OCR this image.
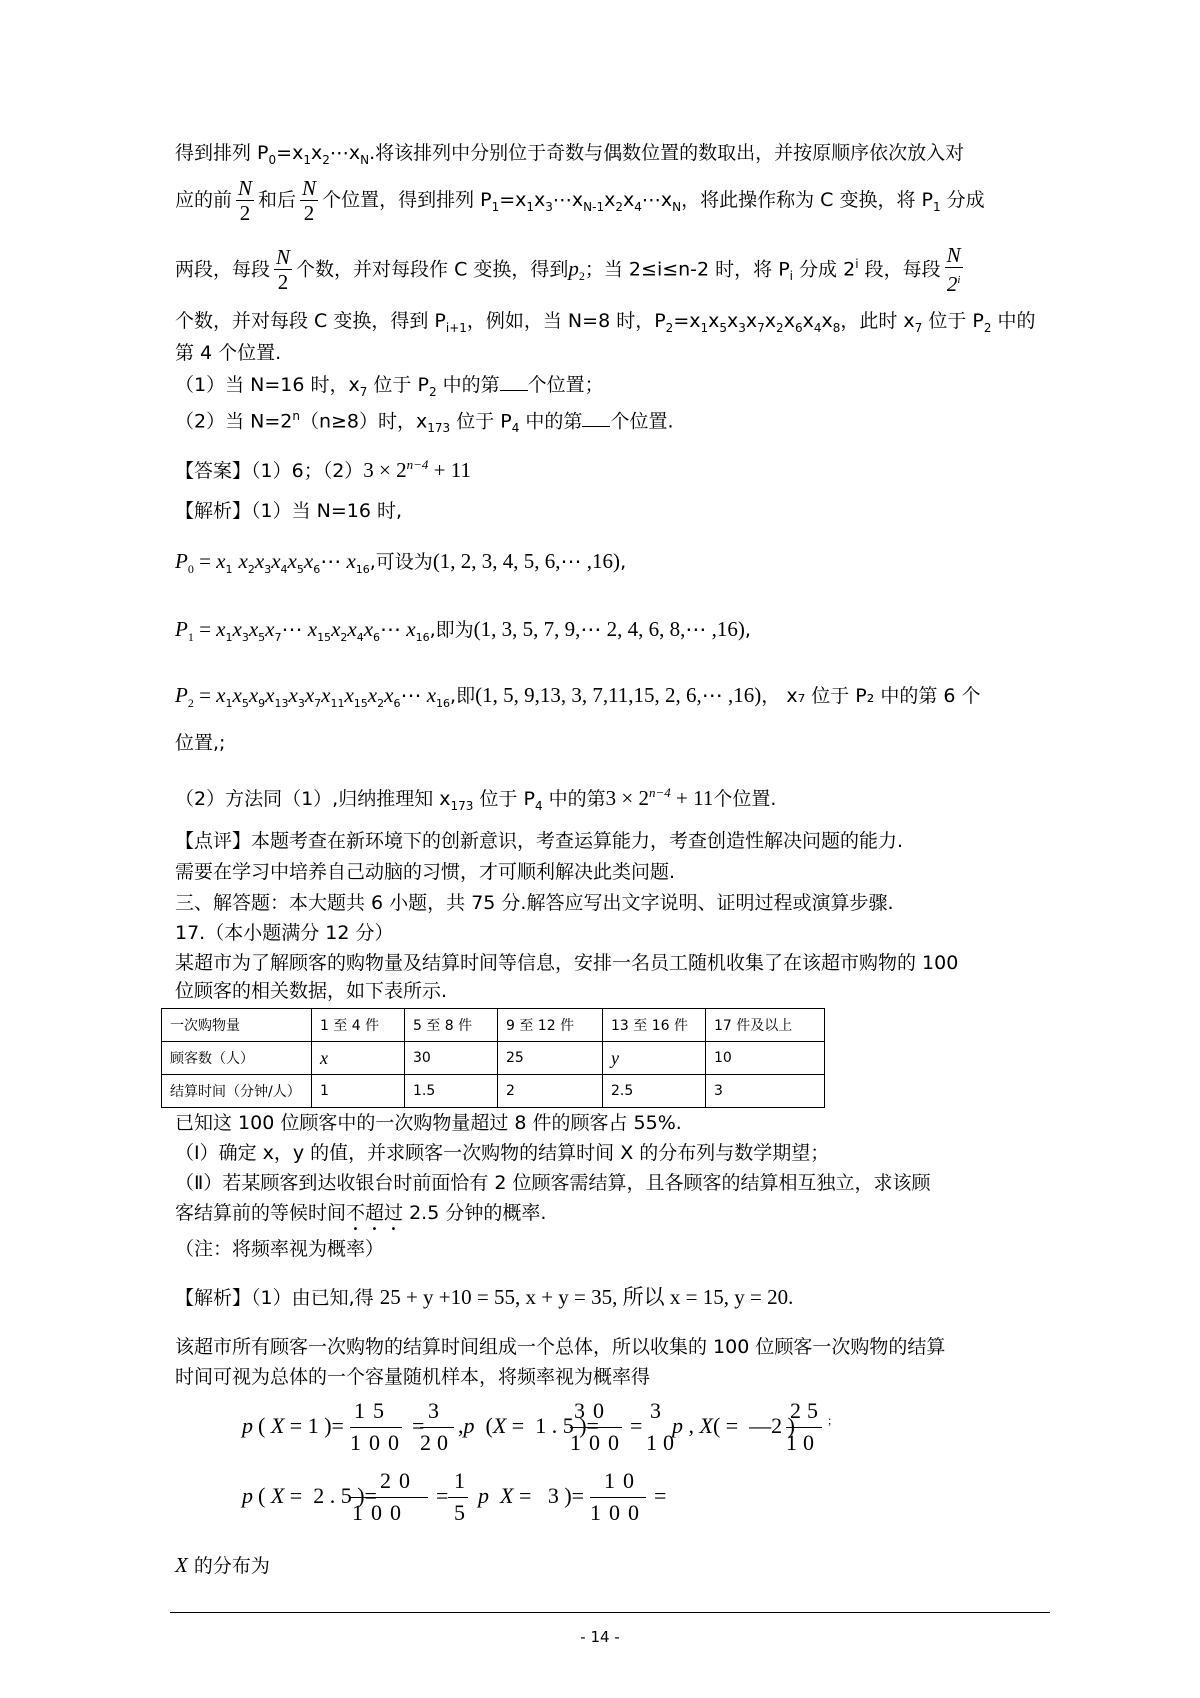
得到排列 $P_0=x_1x_2\cdots x_N$.将该排列中分别位于奇数与偶数位置的数取出，并按原顺序依次放入对
应的前 $\frac{N}{2}$ 和后 $\frac{N}{2}$ 个位置，得到排列 $P_1=x_1x_3\cdots x_{N-1}x_2x_4\cdots x_N$，将此操作称为 C 变换，将 $P_1$ 分成
两段，每段 $\frac{N}{2}$ 个数，并对每段作 C 变换，得到$p_2$；当 2≤i≤n-2 时，将 $P_i$ 分成 2$^i$ 段，每段 $\frac{N}{2^i}$
个数，并对每段 C 变换，得到 $P_{i+1}$，例如，当 N=8 时，$P_2=x_1x_5x_3x_7x_2x_6x_4x_8$，此时 $x_7$ 位于 $P_2$ 中的
第 4 个位置.
（1）当 N=16 时，$x_7$ 位于 $P_2$ 中的第 个位置；
（2）当 $N=2^n(n\ge 8)$时，$x_{173}$ 位于 $P_4$ 中的第 个位置.
【答案】（1）6；$(2)3 \times 2^{n-4} + 11$
【解析】（1）当 N=16 时,
$P_0 = x_1$ $x_2x_3x_4x_5x_6\cdots$ $x_{16}$,可设为(1, 2, 3, 4, 5, 6,⋯ ,16),
$P_1$ = $x_1x_3x_5x_7\cdots$ $x_{15}x_2x_4x_6\cdots$ $x_{16}$,即为(1, 3, 5, 7, 9,⋯ 2, 4, 6, 8,⋯ ,16),
$P_2$ = $x_1x_5x_9x_{13}x_3x_7x_{11}x_{15}x_2x_6\cdots$ $x_{16}$,即(1, 5, 9,13, 3, 7,11,15, 2, 6,⋯ ,16)， x₇ 位于 P₂ 中的第 6 个
位置,;
（2）方法同（1）,归纳推理知 $x_{173}$ 位于 $P_4$ 中的第$3 \times 2^{n-4} + 11$个位置.
【点评】本题考查在新环境下的创新意识，考查运算能力，考查创造性解决问题的能力.
需要在学习中培养自己动脑的习惯，才可顺利解决此类问题.
三、解答题：本大题共 6 小题，共 75 分.解答应写出文字说明、证明过程或演算步骤.
17.（本小题满分 12 分）
某超市为了解顾客的购物量及结算时间等信息，安排一名员工随机收集了在该超市购物的 100
位顾客的相关数据，如下表所示.
一次购物量	1 至 4 件	5 至 8 件	9 至 12 件	13 至 16 件	17 件及以上
顾客数（人）	x	30	25	y	10
结算时间（分钟/人）	1	1.5	2	2.5	3
已知这 100 位顾客中的一次购物量超过 8 件的顾客占 55%.
（Ⅰ）确定 x，y 的值，并求顾客一次购物的结算时间 X 的分布列与数学期望；
（Ⅱ）若某顾客到达收银台时前面恰有 2 位顾客需结算，且各顾客的结算相互独立，求该顾
客结算前的等候时间不超过 2.5 分钟的概率.
（注：将频率视为概率）
【解析】（1）由已知,得 25 + y +10 = 55, x + y = 35, 所以 x = 15, y = 20.
该超市所有顾客一次购物的结算时间组成一个总体，所以收集的 100 位顾客一次购物的结算
时间可视为总体的一个容量随机样本，将频率视为概率得
p ( X = 1 )=
15
100
=
3
20
,p  (X =  1 . 5 )=
30
100
=
3
10
p , X( =  —2 )
25
10
;
p ( X =  2 . 5 )=
20
100
=
1
5
p X =   3 )=
10
100
=
X 的分布为
- 14 -
